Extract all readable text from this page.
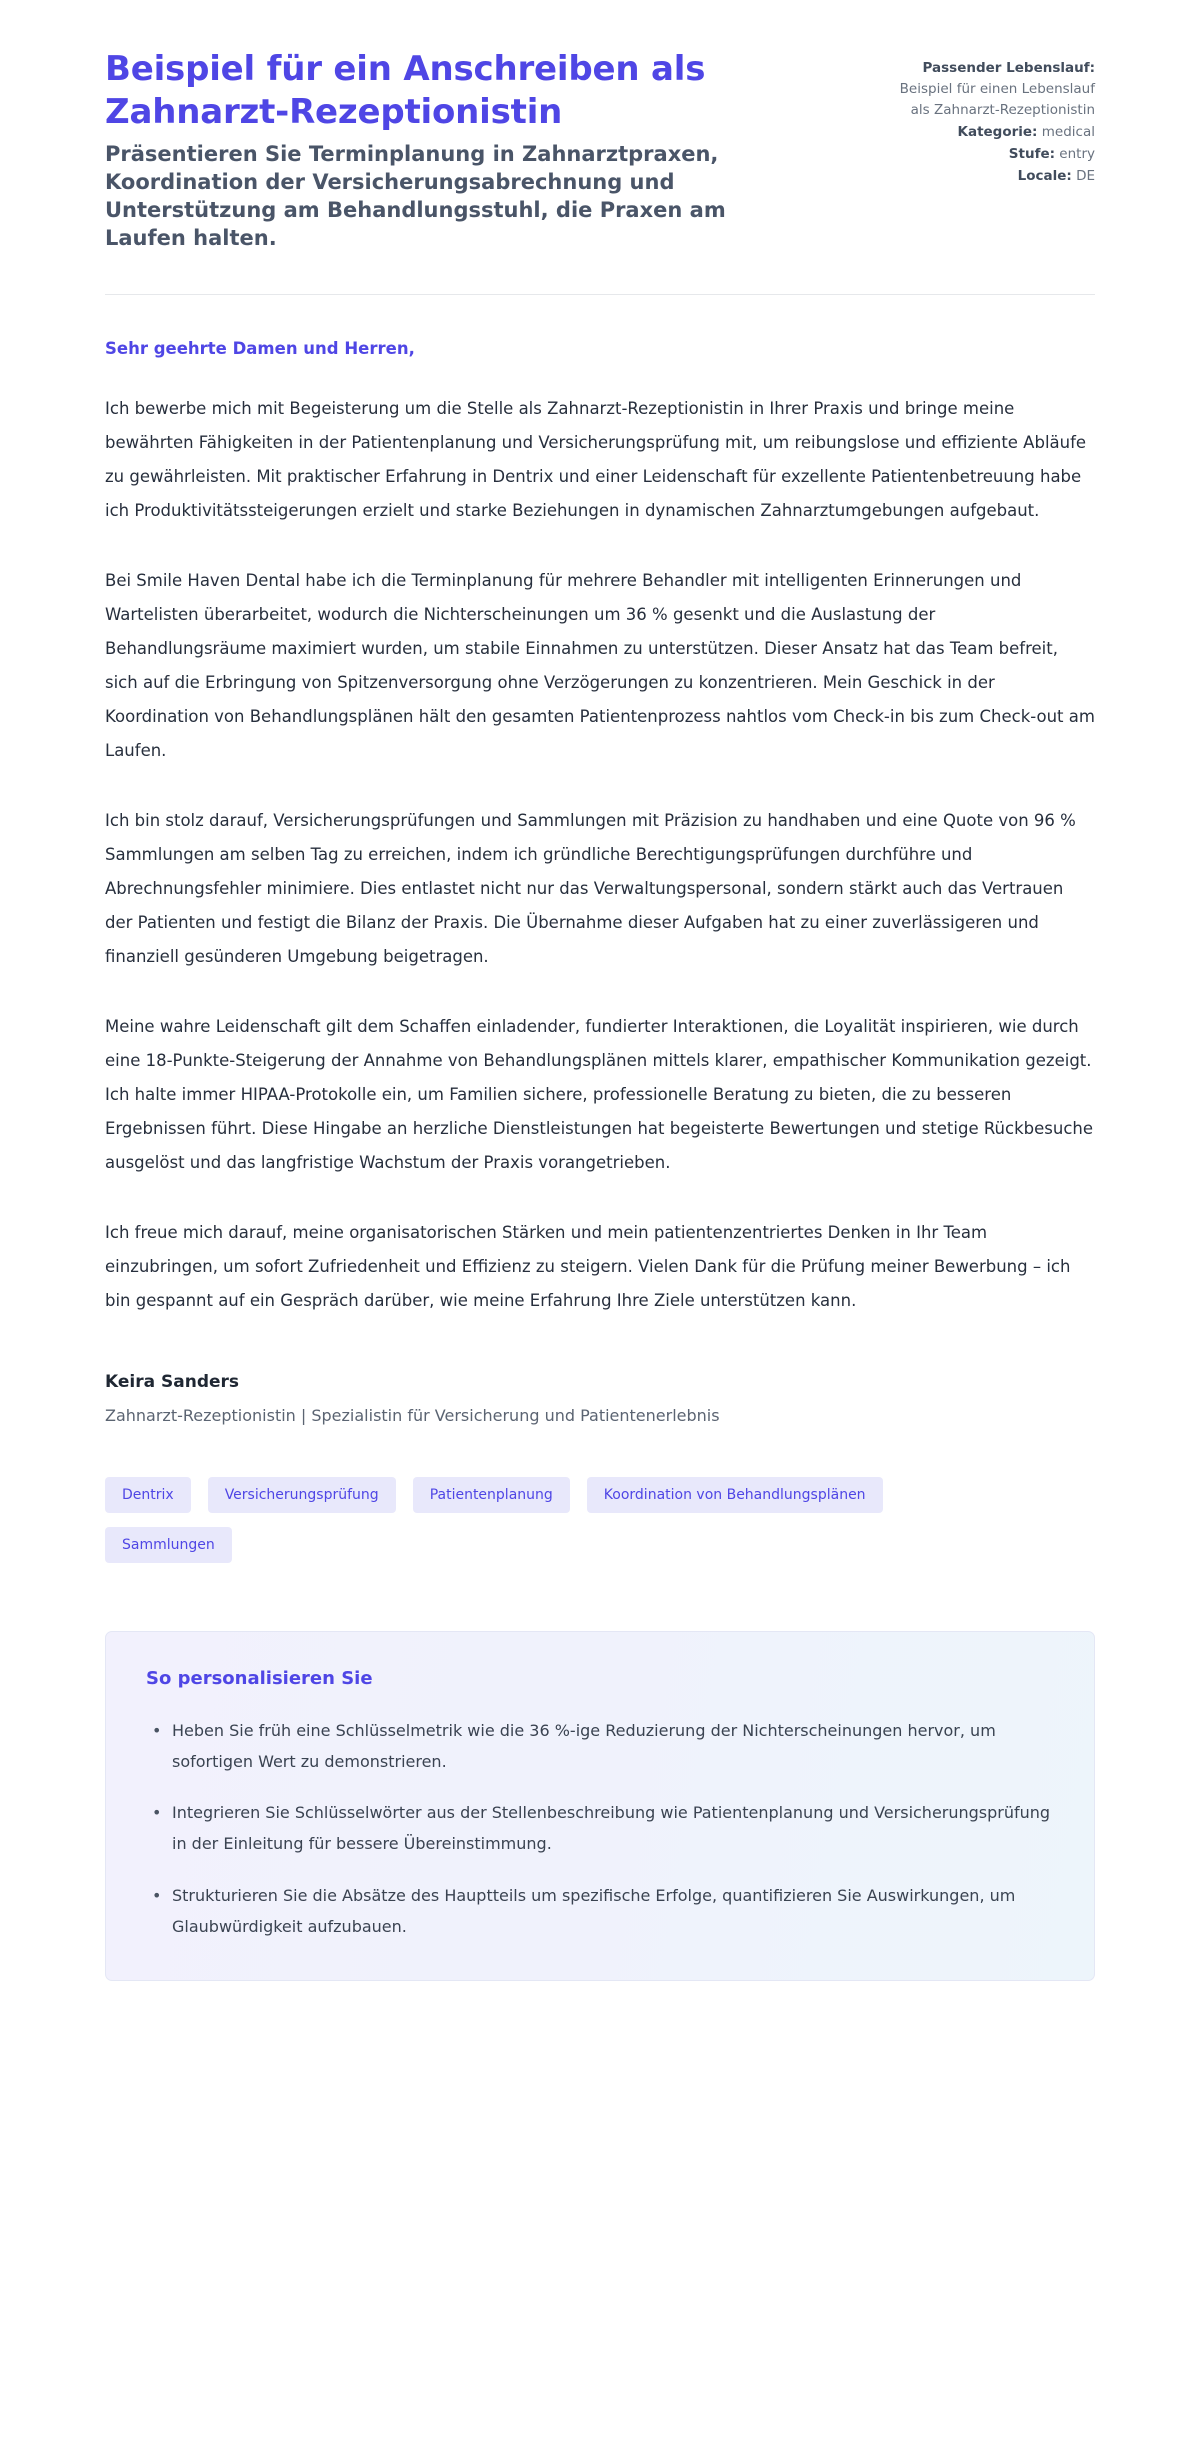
Beispiel für ein Anschreiben als Zahnarzt-Rezeptionistin

Präsentieren Sie Terminplanung in Zahnarztpraxen, Koordination der Versicherungsabrechnung und Unterstützung am Behandlungsstuhl, die Praxen am Laufen halten.

Passender Lebenslauf: Beispiel für einen Lebenslauf als Zahnarzt-Rezeptionistin
Kategorie: medical
Stufe: entry
Locale: DE

Sehr geehrte Damen und Herren,

Ich bewerbe mich mit Begeisterung um die Stelle als Zahnarzt-Rezeptionistin in Ihrer Praxis und bringe meine bewährten Fähigkeiten in der Patientenplanung und Versicherungsprüfung mit, um reibungslose und effiziente Abläufe zu gewährleisten. Mit praktischer Erfahrung in Dentrix und einer Leidenschaft für exzellente Patientenbetreuung habe ich Produktivitätssteigerungen erzielt und starke Beziehungen in dynamischen Zahnarztumgebungen aufgebaut.

Bei Smile Haven Dental habe ich die Terminplanung für mehrere Behandler mit intelligenten Erinnerungen und Wartelisten überarbeitet, wodurch die Nichterscheinungen um 36 % gesenkt und die Auslastung der Behandlungsräume maximiert wurden, um stabile Einnahmen zu unterstützen. Dieser Ansatz hat das Team befreit, sich auf die Erbringung von Spitzenversorgung ohne Verzögerungen zu konzentrieren. Mein Geschick in der Koordination von Behandlungsplänen hält den gesamten Patientenprozess nahtlos vom Check-in bis zum Check-out am Laufen.

Ich bin stolz darauf, Versicherungsprüfungen und Sammlungen mit Präzision zu handhaben und eine Quote von 96 % Sammlungen am selben Tag zu erreichen, indem ich gründliche Berechtigungsprüfungen durchführe und Abrechnungsfehler minimiere. Dies entlastet nicht nur das Verwaltungspersonal, sondern stärkt auch das Vertrauen der Patienten und festigt die Bilanz der Praxis. Die Übernahme dieser Aufgaben hat zu einer zuverlässigeren und finanziell gesünderen Umgebung beigetragen.

Meine wahre Leidenschaft gilt dem Schaffen einladender, fundierter Interaktionen, die Loyalität inspirieren, wie durch eine 18-Punkte-Steigerung der Annahme von Behandlungsplänen mittels klarer, empathischer Kommunikation gezeigt. Ich halte immer HIPAA-Protokolle ein, um Familien sichere, professionelle Beratung zu bieten, die zu besseren Ergebnissen führt. Diese Hingabe an herzliche Dienstleistungen hat begeisterte Bewertungen und stetige Rückbesuche ausgelöst und das langfristige Wachstum der Praxis vorangetrieben.

Ich freue mich darauf, meine organisatorischen Stärken und mein patientenzentriertes Denken in Ihr Team einzubringen, um sofort Zufriedenheit und Effizienz zu steigern. Vielen Dank für die Prüfung meiner Bewerbung – ich bin gespannt auf ein Gespräch darüber, wie meine Erfahrung Ihre Ziele unterstützen kann.

Keira Sanders

Zahnarzt-Rezeptionistin | Spezialistin für Versicherung und Patientenerlebnis

Dentrix	Versicherungsprüfung	Patientenplanung	Koordination von Behandlungsplänen
Sammlungen
So personalisieren Sie
• Heben Sie früh eine Schlüsselmetrik wie die 36 %-ige Reduzierung der Nichterscheinungen hervor, um sofortigen Wert zu demonstrieren.
• Integrieren Sie Schlüsselwörter aus der Stellenbeschreibung wie Patientenplanung und Versicherungsprüfung in der Einleitung für bessere Übereinstimmung.
• Strukturieren Sie die Absätze des Hauptteils um spezifische Erfolge, quantifizieren Sie Auswirkungen, um Glaubwürdigkeit aufzubauen.
